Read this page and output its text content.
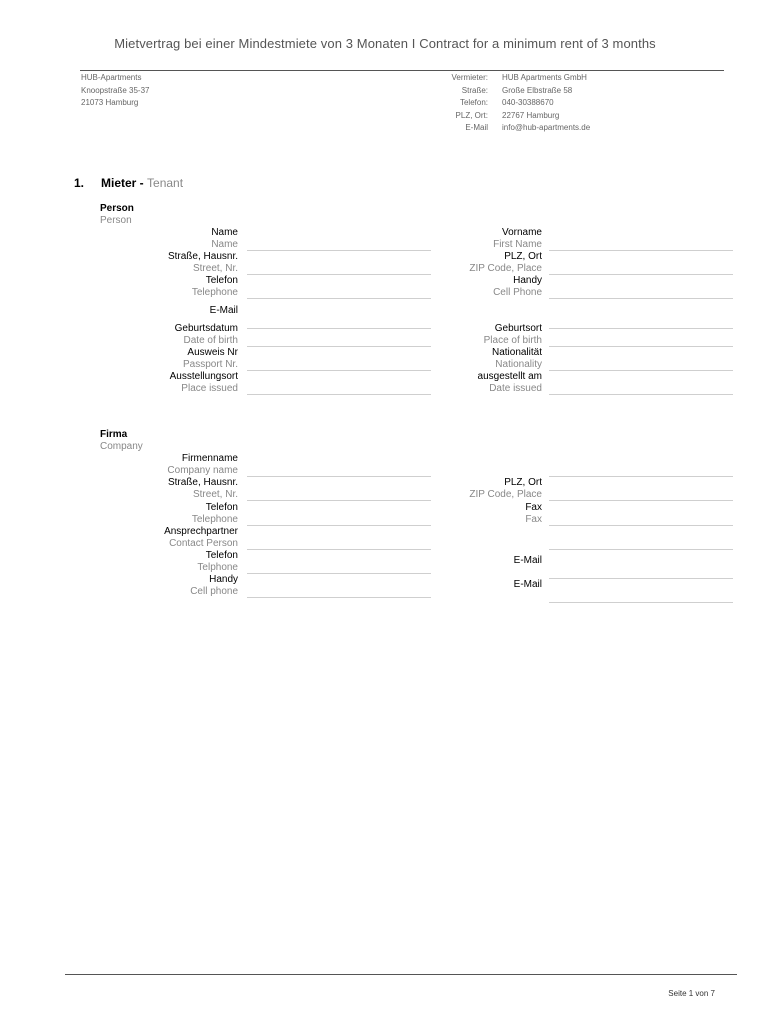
Mietvertrag bei einer Mindestmiete von 3 Monaten I Contract for a minimum rent of 3 months
HUB-Apartments
Knoopstraße 35-37
21073 Hamburg
Vermieter:
Straße:
Telefon:
PLZ, Ort:
E-Mail
HUB Apartments GmbH
Große Elbstraße 58
040-30388670
22767 Hamburg
info@hub-apartments.de
1. Mieter - Tenant
Person
Person
Firma
Company
Seite 1 von 7
Name
Name
Vorname
First Name
Straße, Hausnr.
Street, Nr.
PLZ, Ort
ZIP Code, Place
Telefon
Telephone
Handy
Cell Phone
E-Mail
Geburtsdatum
Date of birth
Geburtsort
Place of birth
Ausweis Nr
Passport Nr.
Nationalität
Nationality
Ausstellungsort
Place issued
ausgestellt am
Date issued
Firmenname
Company name
Straße, Hausnr.
Street, Nr.
PLZ, Ort
ZIP Code, Place
Telefon
Telephone
Fax
Fax
Ansprechpartner
Contact Person
Telefon
Telphone
E-Mail
Handy
Cell phone
E-Mail
